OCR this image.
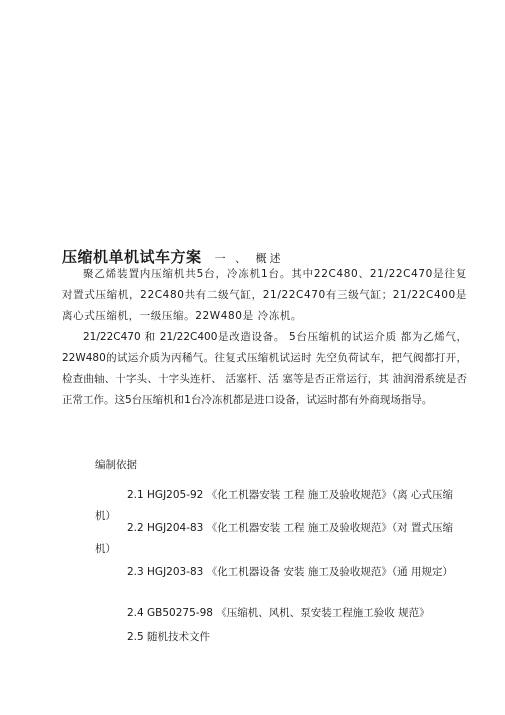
压缩机单机试车方案 一 、 概述

聚乙烯装置内压缩机共5台，冷冻机1台。其中22C480、21/22C470是往复对置式压缩机，22C480共有二级气缸，21/22C470有三级气缸；21/22C400是离心式压缩机，一级压缩。22W480是 冷冻机。

21/22C470 和 21/22C400是改造设备。 5台压缩机的试运介质 都为乙烯气，22W480的试运介质为丙稀气。往复式压缩机试运时 先空负荷试车，把气阀都打开， 检查曲轴、十字头、十字头连杆、 活塞杆、活 塞等是否正常运行，其 油润滑系统是否正常工作。这5台压缩机和1台冷冻机都是进口设备，试运时都有外商现场指导。

编制依据

2.1 HGJ205-92 《化工机器安装 工程 施工及验收规范》（离 心式压缩机）

2.2 HGJ204-83 《化工机器安装 工程 施工及验收规范》（对 置式压缩机）

2.3 HGJ203-83 《化工机器设备 安装 施工及验收规范》（通 用规定）

2.4 GB50275-98 《压缩机、风机、泵安装工程施工验收 规范》

2.5 随机技术文件
